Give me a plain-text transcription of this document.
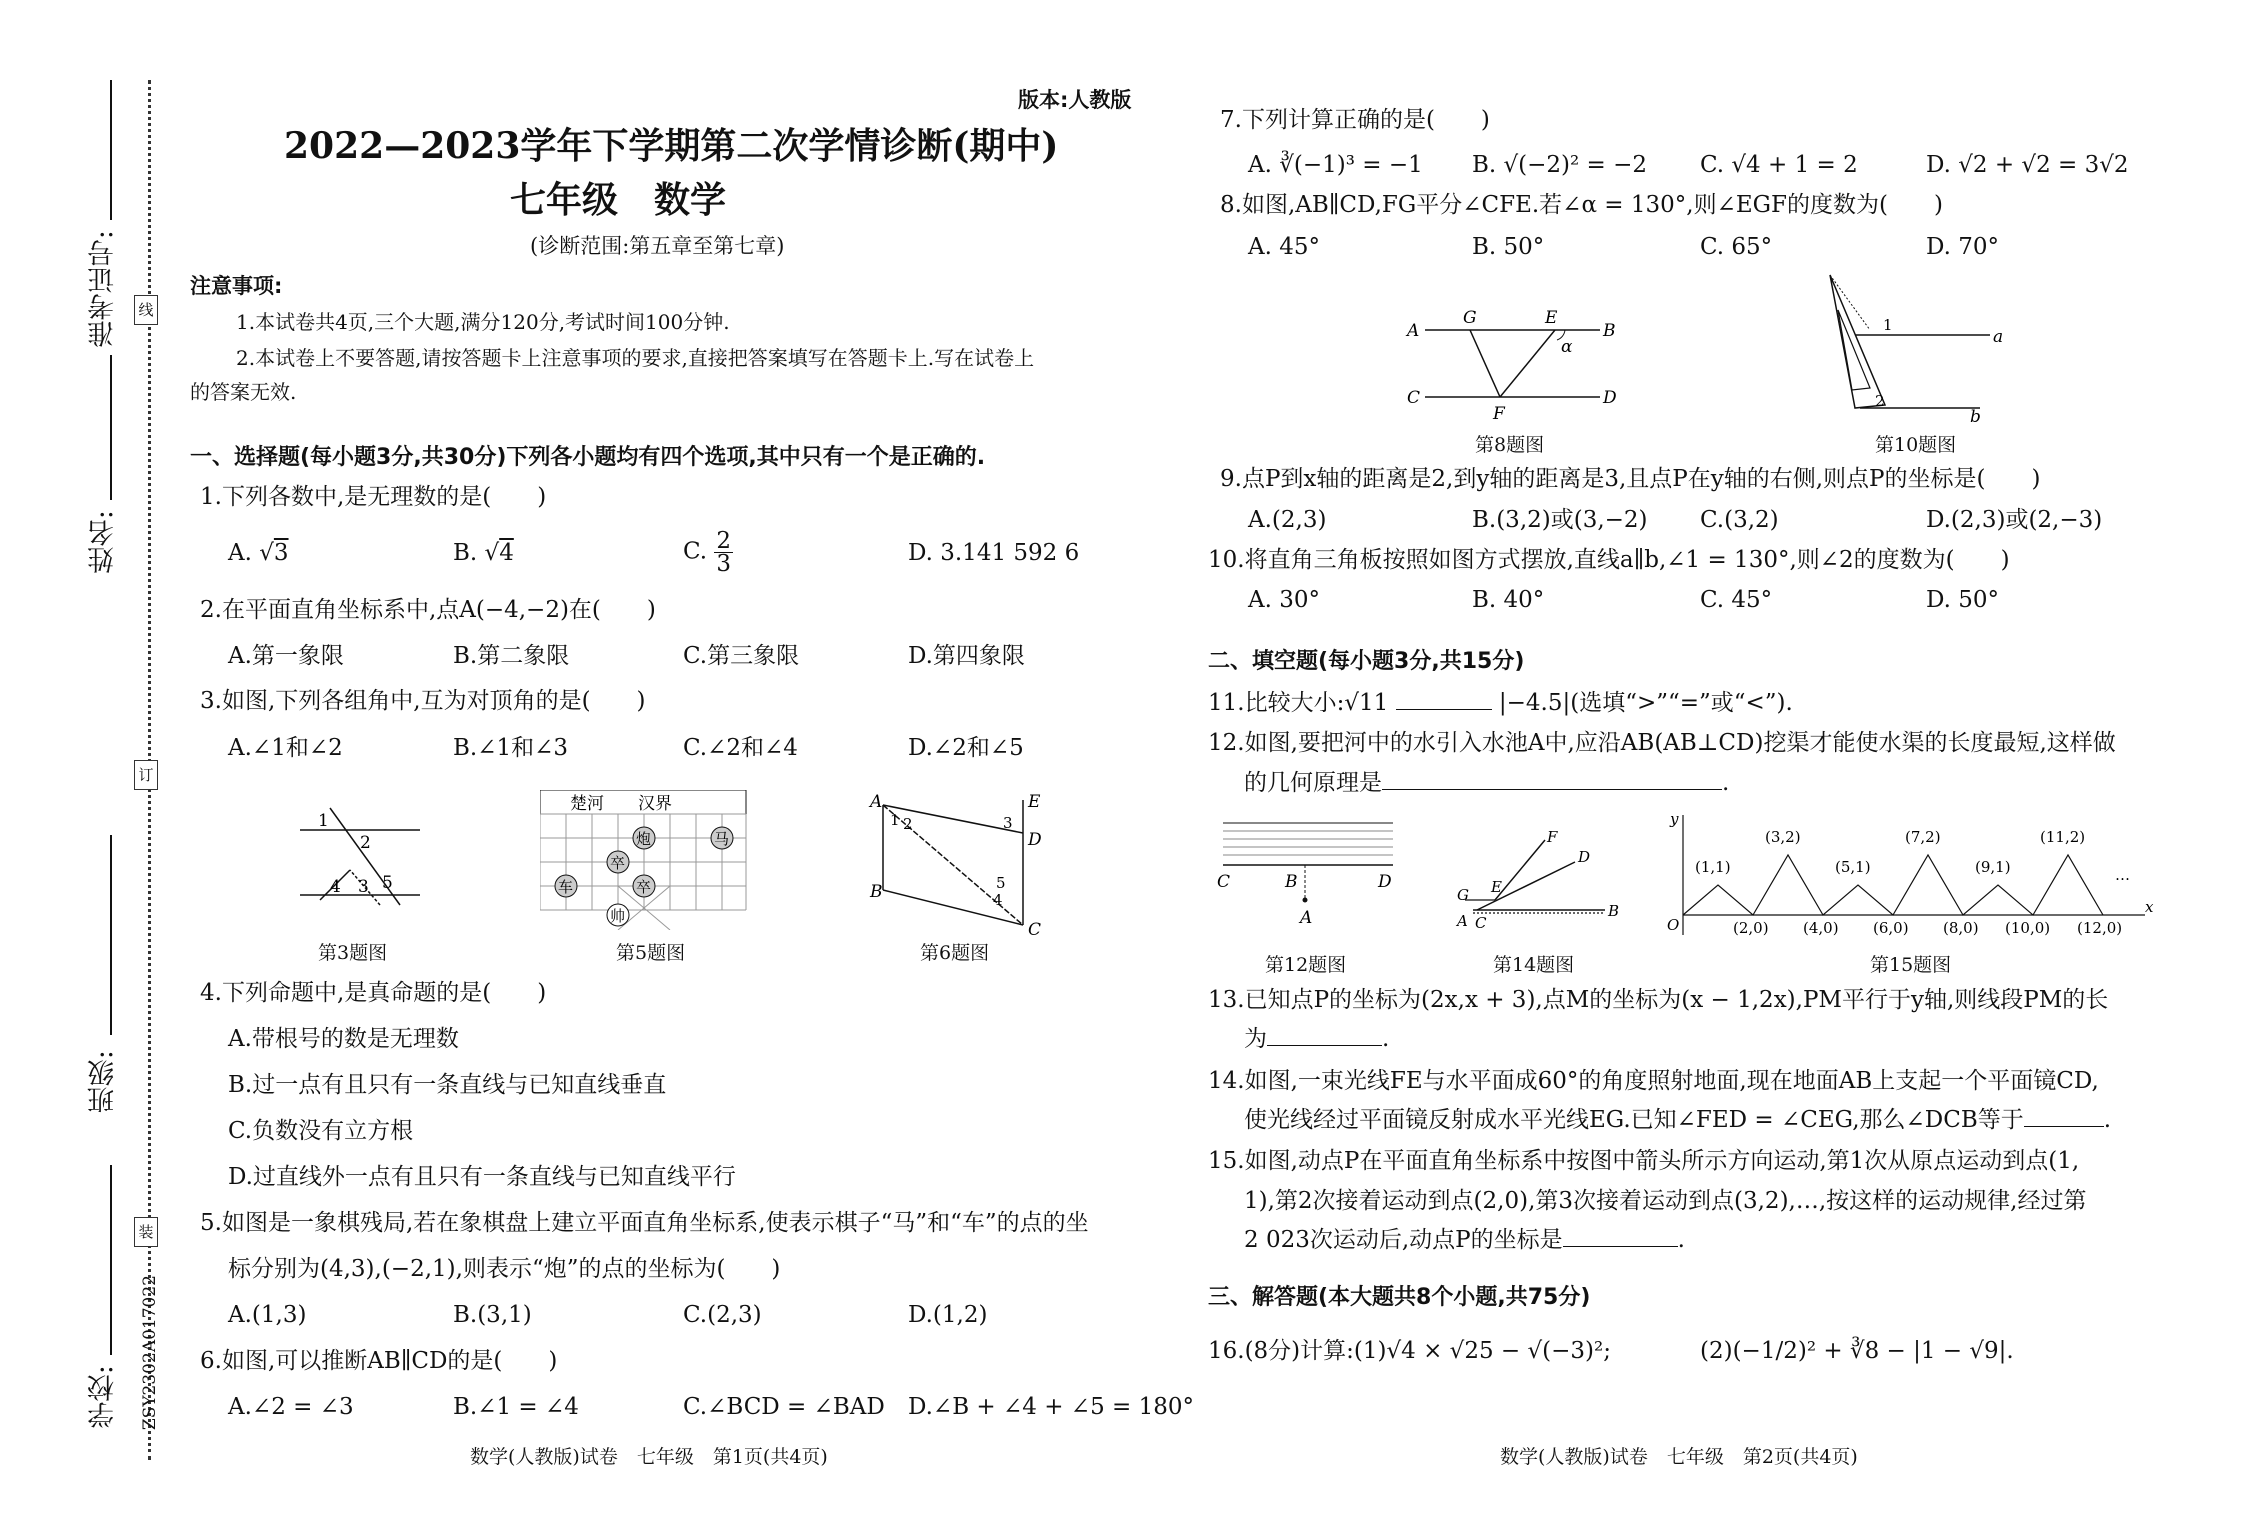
准考证号:
姓名:
班级:
学校:
线
订
装
ZSY2302A017022
版本:人教版
2022—2023学年下学期第二次学情诊断(期中)
七年级　数学
(诊断范围:第五章至第七章)
注意事项:
1.本试卷共4页,三个大题,满分120分,考试时间100分钟.
2.本试卷上不要答题,请按答题卡上注意事项的要求,直接把答案填写在答题卡上.写在试卷上
的答案无效.
一、选择题(每小题3分,共30分)下列各小题均有四个选项,其中只有一个是正确的.
1.下列各数中,是无理数的是(　　)
A. √3	B. √4	C. $\frac{2}{3}$	D. 3.141 592 6
2.在平面直角坐标系中,点A(−4,−2)在(　　)
A.第一象限	B.第二象限	C.第三象限	D.第四象限
3.如图,下列各组角中,互为对顶角的是(　　)
A.∠1和∠2	B.∠1和∠3	C.∠2和∠4	D.∠2和∠5
1
2
4 3 5
第3题图
楚河　　汉界
炮	马
卒
车	卒
帅
第5题图
A
B
C
D
E
1 2	3
4
5
第6题图
4.下列命题中,是真命题的是(　　)
A.带根号的数是无理数
B.过一点有且只有一条直线与已知直线垂直
C.负数没有立方根
D.过直线外一点有且只有一条直线与已知直线平行
5.如图是一象棋残局,若在象棋盘上建立平面直角坐标系,使表示棋子“马”和“车”的点的坐
标分别为(4,3),(−2,1),则表示“炮”的点的坐标为(　　)
A.(1,3)	B.(3,1)	C.(2,3)	D.(1,2)
6.如图,可以推断AB∥CD的是(　　)
A.∠2 = ∠3	B.∠1 = ∠4	C.∠BCD = ∠BAD D.∠B + ∠4 + ∠5 = 180°
数学(人教版)试卷　七年级　第1页(共4页)
7.下列计算正确的是(　　)
A. ∛(−1)³ = −1 B. √(−2)² = −2 C. √4 + 1 = 2	D. √2 + √2 = 3√2
8.如图,AB∥CD,FG平分∠CFE.若∠α = 130°,则∠EGF的度数为(　　)
A. 45°	B. 50°	C. 65°	D. 70°
A	B
C	D
G	E
F
α
第8题图
1
2
a
b
第10题图
9.点P到x轴的距离是2,到y轴的距离是3,且点P在y轴的右侧,则点P的坐标是(　　)
A.(2,3)	B.(3,2)或(3,−2) C.(3,2)	D.(2,3)或(2,−3)
10.将直角三角板按照如图方式摆放,直线a∥b,∠1 = 130°,则∠2的度数为(　　)
A. 30°	B. 40°	C. 45°	D. 50°
二、填空题(每小题3分,共15分)
11.比较大小:√11	|−4.5|(选填“>”“=”或“<”).
12.如图,要把河中的水引入水池A中,应沿AB(AB⊥CD)挖渠才能使水渠的长度最短,这样做
的几何原理是	.
C	B	D
A
第12题图
A
B
C
D
E
F
G
第14题图
y
x
O
(1,1)
(2,0)
(3,2)
(4,0)
(5,1)
(6,0)
(7,2)
(8,0)
(9,1)
(10,0)
(11,2)
(12,0)
…
第15题图
13.已知点P的坐标为(2x,x + 3),点M的坐标为(x − 1,2x),PM平行于y轴,则线段PM的长
为	.
14.如图,一束光线FE与水平面成60°的角度照射地面,现在地面AB上支起一个平面镜CD,
使光线经过平面镜反射成水平光线EG.已知∠FED = ∠CEG,那么∠DCB等于	.
15.如图,动点P在平面直角坐标系中按图中箭头所示方向运动,第1次从原点运动到点(1,
1),第2次接着运动到点(2,0),第3次接着运动到点(3,2),…,按这样的运动规律,经过第
2 023次运动后,动点P的坐标是	.
三、解答题(本大题共8个小题,共75分)
16.(8分)计算:(1)√4 × √25 − √(−3)²;	(2)(−1/2)² + ∛8 − |1 − √9|.
数学(人教版)试卷　七年级　第2页(共4页)
